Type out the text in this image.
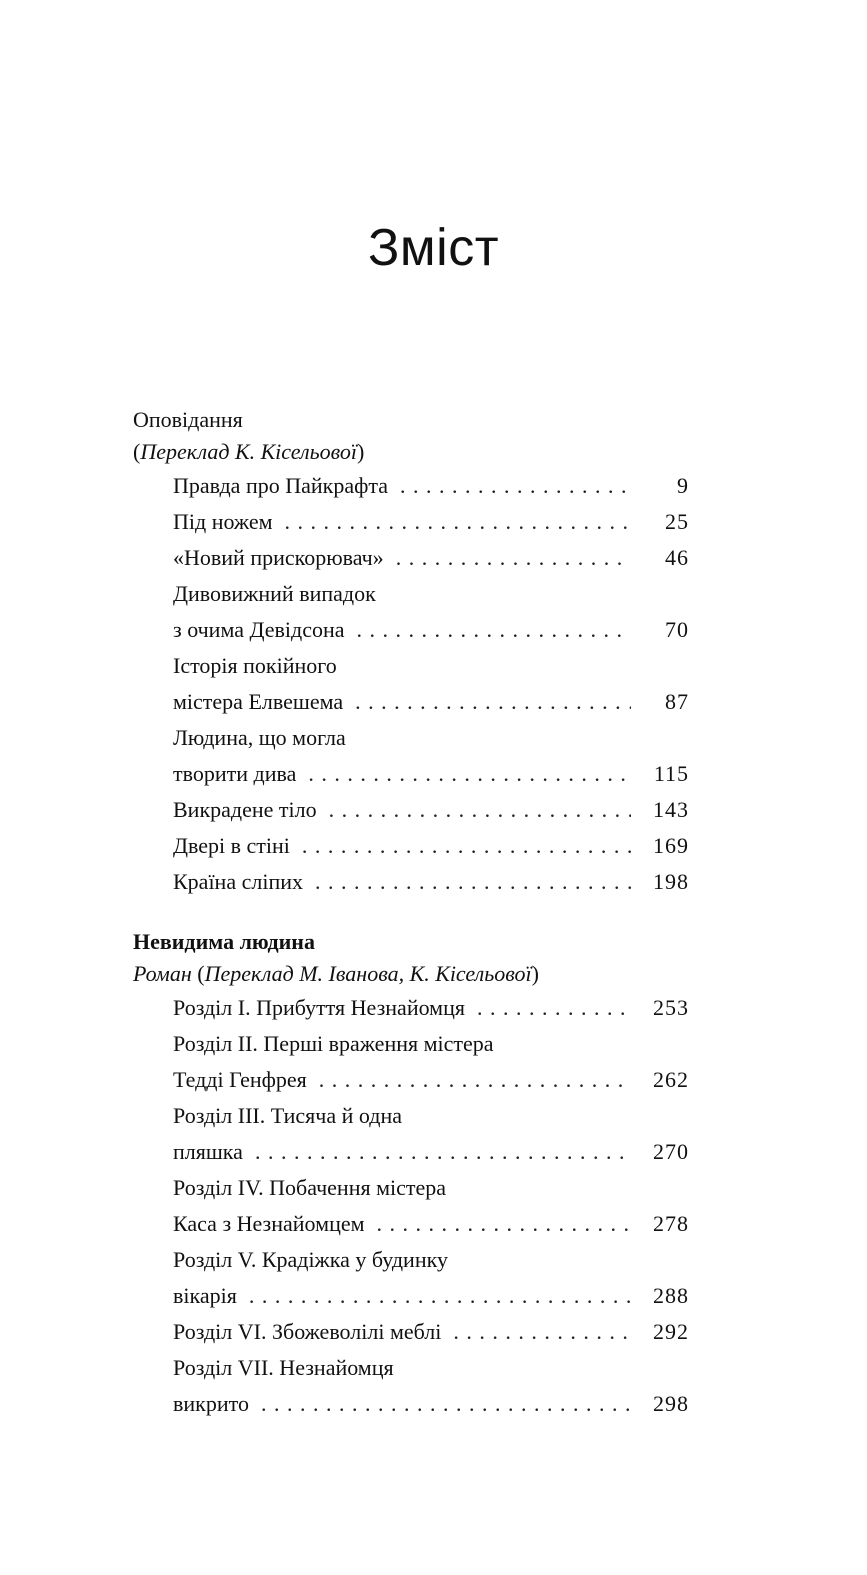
Зміст
Оповідання
(Переклад К. Кісельової)
Правда про Пайкрафта . . .	9
Під ножем . . .	25
«Новий прискорювач» . . .	46
Дивовижний випадок
з очима Девідсона . . .	70
Історія покійного
містера Елвешема . . .	87
Людина, що могла
творити дива . . .	115
Викрадене тіло . . .	143
Двері в стіні . . .	169
Країна сліпих . . .	198
Невидима людина
Роман (Переклад М. Іванова, К. Кісельової)
Розділ I. Прибуття Незнайомця . . .	253
Розділ II. Перші враження містера
Тедді Генфрея . . .	262
Розділ III. Тисяча й одна
пляшка . . .	270
Розділ IV. Побачення містера
Каса з Незнайомцем . . .	278
Розділ V. Крадіжка у будинку
вікарія . . .	288
Розділ VI. Збожеволілі меблі . . .	292
Розділ VII. Незнайомця
викрито . . .	298
